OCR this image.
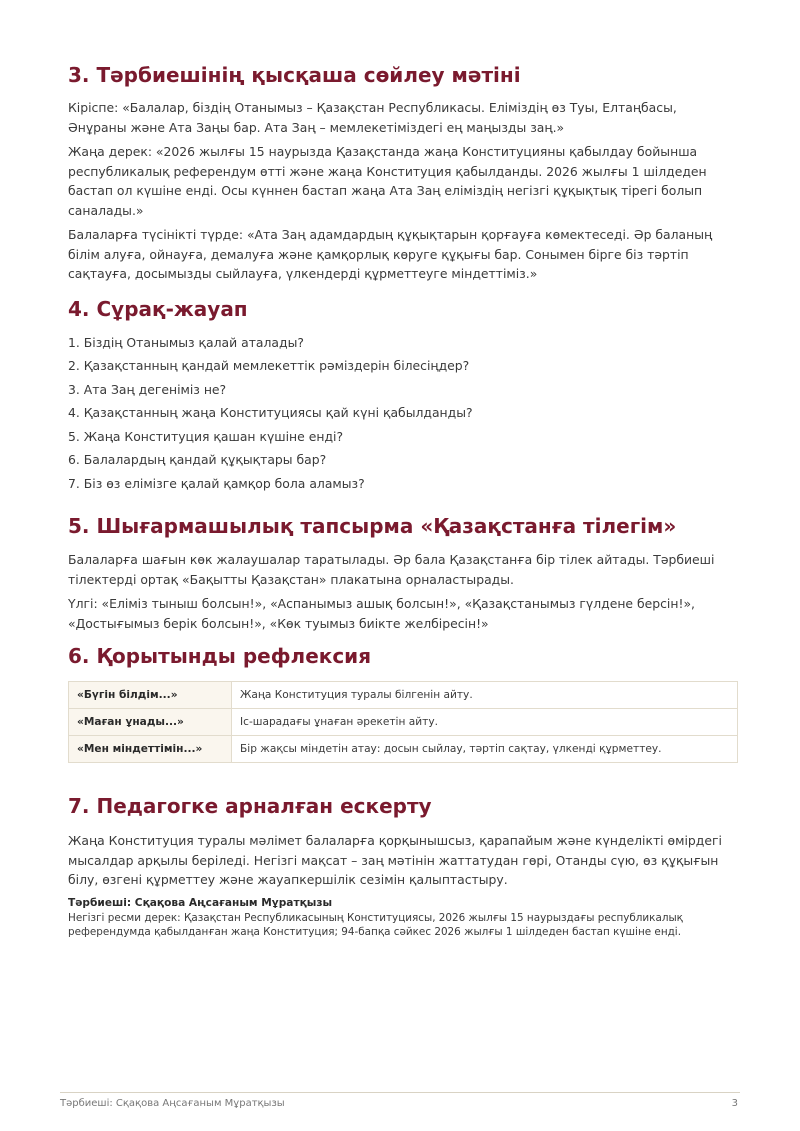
3. Тәрбиешінің қысқаша сөйлеу мәтіні

Кіріспе: «Балалар, біздің Отанымыз – Қазақстан Республикасы. Еліміздің өз Туы, Елтаңбасы, Әнұраны және Ата Заңы бар. Ата Заң – мемлекетіміздегі ең маңызды заң.»

Жаңа дерек: «2026 жылғы 15 наурызда Қазақстанда жаңа Конституцияны қабылдау бойынша республикалық референдум өтті және жаңа Конституция қабылданды. 2026 жылғы 1 шілдеден бастап ол күшіне енді. Осы күннен бастап жаңа Ата Заң еліміздің негізгі құқықтық тірегі болып саналады.»

Балаларға түсінікті түрде: «Ата Заң адамдардың құқықтарын қорғауға көмектеседі. Әр баланың білім алуға, ойнауға, демалуға және қамқорлық көруге құқығы бар. Сонымен бірге біз тәртіп сақтауға, досымызды сыйлауға, үлкендерді құрметтеуге міндеттіміз.»

4. Сұрақ-жауап
1. Біздің Отанымыз қалай аталады?
2. Қазақстанның қандай мемлекеттік рәміздерін білесіңдер?
3. Ата Заң дегеніміз не?
4. Қазақстанның жаңа Конституциясы қай күні қабылданды?
5. Жаңа Конституция қашан күшіне енді?
6. Балалардың қандай құқықтары бар?
7. Біз өз елімізге қалай қамқор бола аламыз?
5. Шығармашылық тапсырма «Қазақстанға тілегім»

Балаларға шағын көк жалаушалар таратылады. Әр бала Қазақстанға бір тілек айтады. Тәрбиеші тілектерді ортақ «Бақытты Қазақстан» плакатына орналастырады.

Үлгі: «Еліміз тыныш болсын!», «Аспанымыз ашық болсын!», «Қазақстанымыз гүлдене берсін!», «Достығымыз берік болсын!», «Көк туымыз биікте желбіресін!»

6. Қорытынды рефлексия
«Бүгін білдім...»	Жаңа Конституция туралы білгенін айту.
«Маған ұнады...»	Іс-шарадағы ұнаған әрекетін айту.
«Мен міндеттімін...»	Бір жақсы міндетін атау: досын сыйлау, тәртіп сақтау, үлкенді құрметтеу.
7. Педагогке арналған ескерту

Жаңа Конституция туралы мәлімет балаларға қорқынышсыз, қарапайым және күнделікті өмірдегі мысалдар арқылы беріледі. Негізгі мақсат – заң мәтінін жаттатудан гөрі, Отанды сүю, өз құқығын білу, өзгені құрметтеу және жауапкершілік сезімін қалыптастыру.

Тәрбиеші: Сқақова Аңсағаным Мұратқызы
Негізгі ресми дерек: Қазақстан Республикасының Конституциясы, 2026 жылғы 15 наурыздағы республикалық референдумда қабылданған жаңа Конституция; 94-бапқа сәйкес 2026 жылғы 1 шілдеден бастап күшіне енді.
Тәрбиеші: Сқақова Аңсағаным Мұратқызы	3
